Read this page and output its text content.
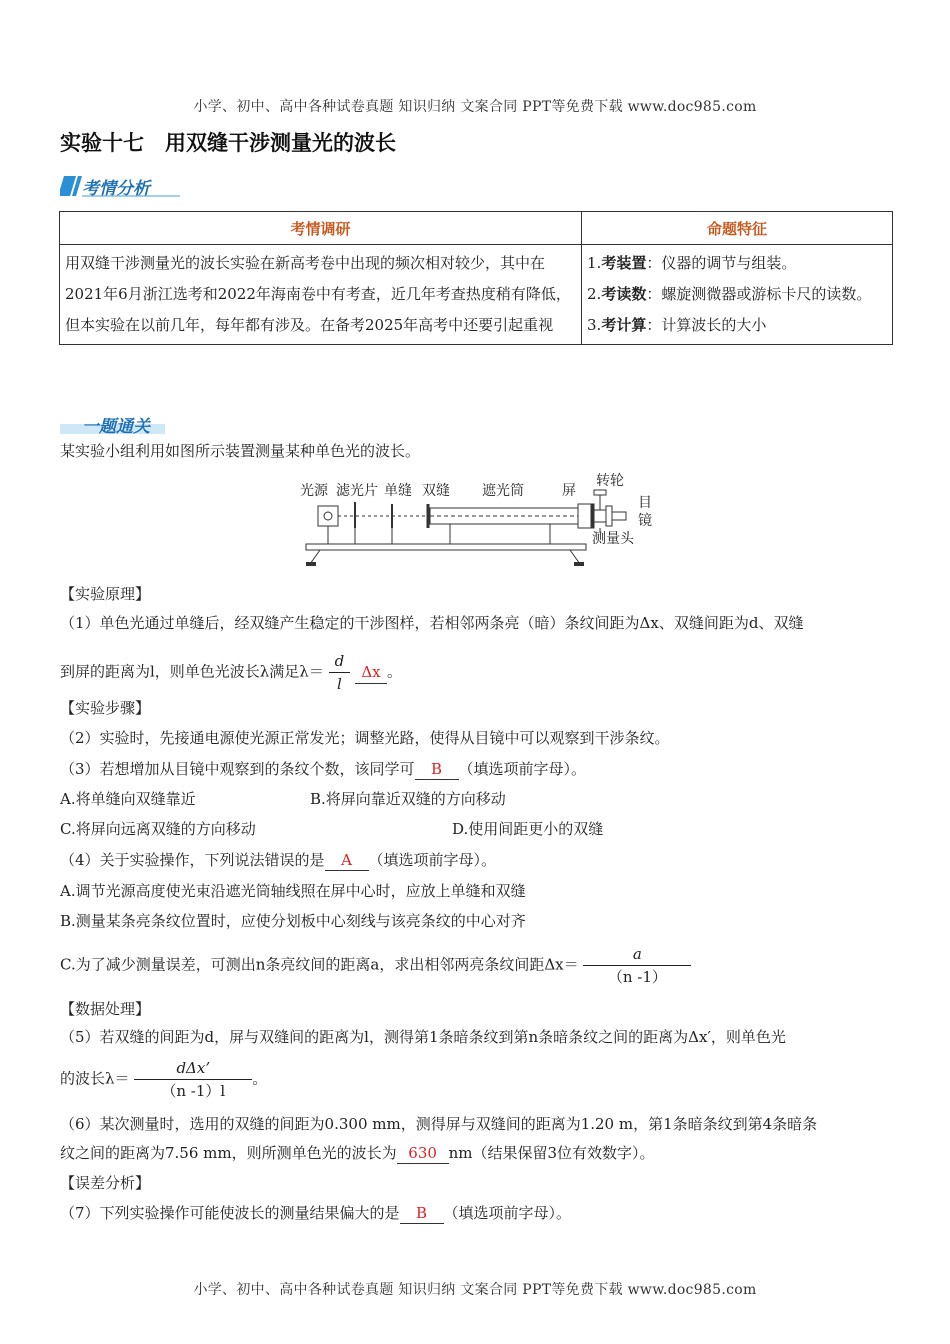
小学、初中、高中各种试卷真题 知识归纳 文案合同 PPT等免费下载 www.doc985.com
实验十七　用双缝干涉测量光的波长
考情分析
考情调研	命题特征
用双缝干涉测量光的波长实验在新高考卷中出现的频次相对较少，其中在2021年6月浙江选考和2022年海南卷中有考查，近几年考查热度稍有降低，但本实验在以前几年，每年都有涉及。在备考2025年高考中还要引起重视	1.考装置：仪器的调节与组装。
2.考读数：螺旋测微器或游标卡尺的读数。
3.考计算：计算波长的大小
一题通关
某实验小组利用如图所示装置测量某种单色光的波长。
光源 滤光片 单缝 双缝 遮光筒	屏
转轮
目镜
测量头
【实验原理】
（1）单色光通过单缝后，经双缝产生稳定的干涉图样，若相邻两条亮（暗）条纹间距为Δx、双缝间距为d、双缝
到屏的距离为l，则单色光波长λ满足$\lambda= \frac{d}{l}$ Δx 。
【实验步骤】
（2）实验时，先接通电源使光源正常发光；调整光路，使得从目镜中可以观察到干涉条纹。
（3）若想增加从目镜中观察到的条纹个数，该同学可 B （填选项前字母）。
A.将单缝向双缝靠近	B.将屏向靠近双缝的方向移动
C.将屏向远离双缝的方向移动	D.使用间距更小的双缝
（4）关于实验操作，下列说法错误的是 A （填选项前字母）。
A.调节光源高度使光束沿遮光筒轴线照在屏中心时，应放上单缝和双缝
B.测量某条亮条纹位置时，应使分划板中心刻线与该亮条纹的中心对齐
C.为了减少测量误差，可测出n条亮纹间的距离a，求出相邻两亮条纹间距$\Delta x= \frac{a}{(n -1)}$
【数据处理】
（5）若双缝的间距为d，屏与双缝间的距离为l，测得第1条暗条纹到第n条暗条纹之间的距离为Δx′，则单色光
的波长$\lambda= \frac{\text{dΔx’}}{(n -1)l}$ 。
（6）某次测量时，选用的双缝的间距为0.300 mm，测得屏与双缝间的距离为1.20 m，第1条暗条纹到第4条暗条
纹之间的距离为7.56 mm，则所测单色光的波长为 630 nm（结果保留3位有效数字）。
【误差分析】
（7）下列实验操作可能使波长的测量结果偏大的是 B （填选项前字母）。
小学、初中、高中各种试卷真题 知识归纳 文案合同 PPT等免费下载 www.doc985.com
